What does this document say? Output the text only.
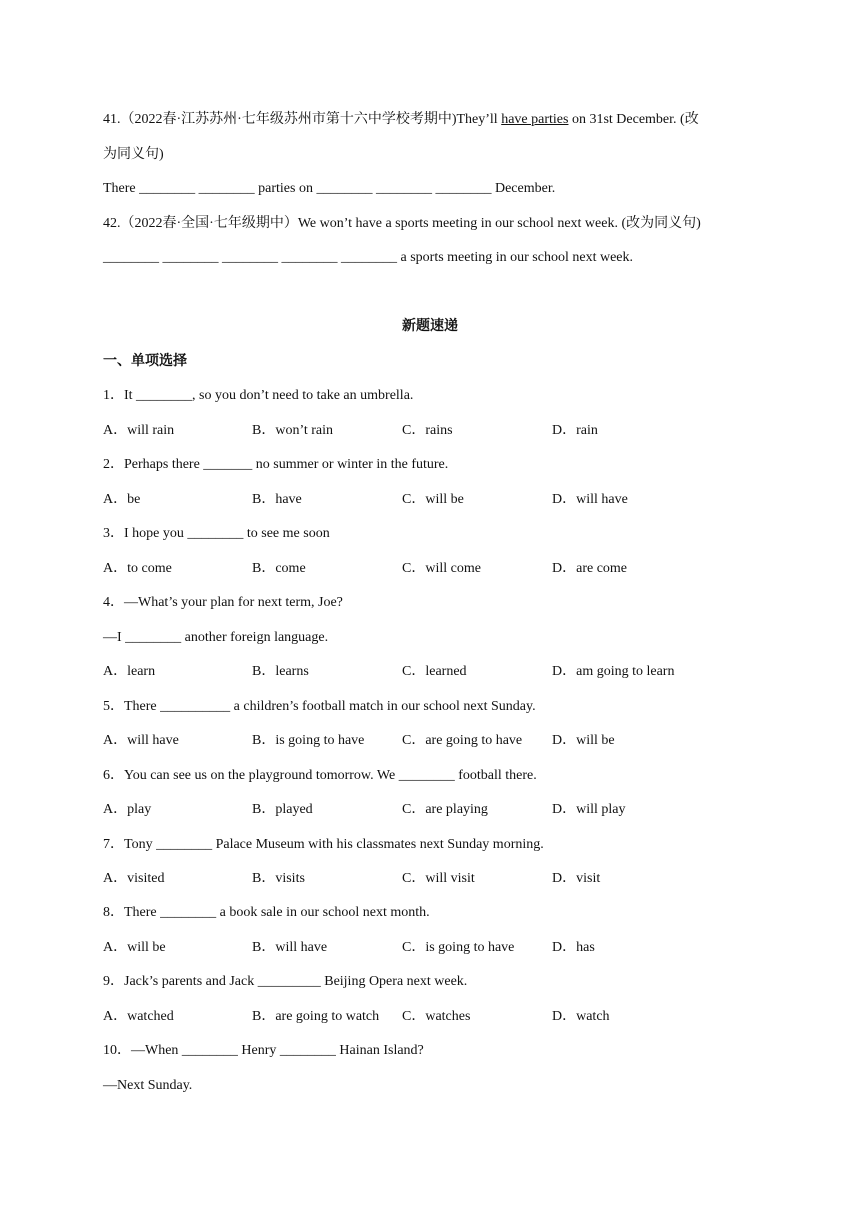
41.（2022春·江苏苏州·七年级苏州市第十六中学校考期中)They’ll have parties on 31st December. (改
为同义句)
There ________ ________ parties on ________ ________ ________ December.
42.（2022春·全国·七年级期中）We won’t have a sports meeting in our school next week. (改为同义句)
________ ________ ________ ________ ________ a sports meeting in our school next week.
新题速递
一、单项选择
1．It ________, so you don’t need to take an umbrella.
A．will rain	B．won’t rain	C．rains	D．rain
2．Perhaps there _______ no summer or winter in the future.
A．be	B．have	C．will be	D．will have
3．I hope you ________ to see me soon
A．to come	B．come	C．will come	D．are come
4．—What’s your plan for next term, Joe?
—I ________ another foreign language.
A．learn	B．learns	C．learned	D．am going to learn
5．There __________ a children’s football match in our school next Sunday.
A．will have	B．is going to have	C．are going to have D．will be
6．You can see us on the playground tomorrow. We ________ football there.
A．play	B．played	C．are playing	D．will play
7．Tony ________ Palace Museum with his classmates next Sunday morning.
A．visited	B．visits	C．will visit	D．visit
8．There ________ a book sale in our school next month.
A．will be	B．will have	C．is going to have	D．has
9．Jack’s parents and Jack _________ Beijing Opera next week.
A．watched	B．are going to watch C．watches	D．watch
10．—When ________ Henry ________ Hainan Island?
—Next Sunday.
